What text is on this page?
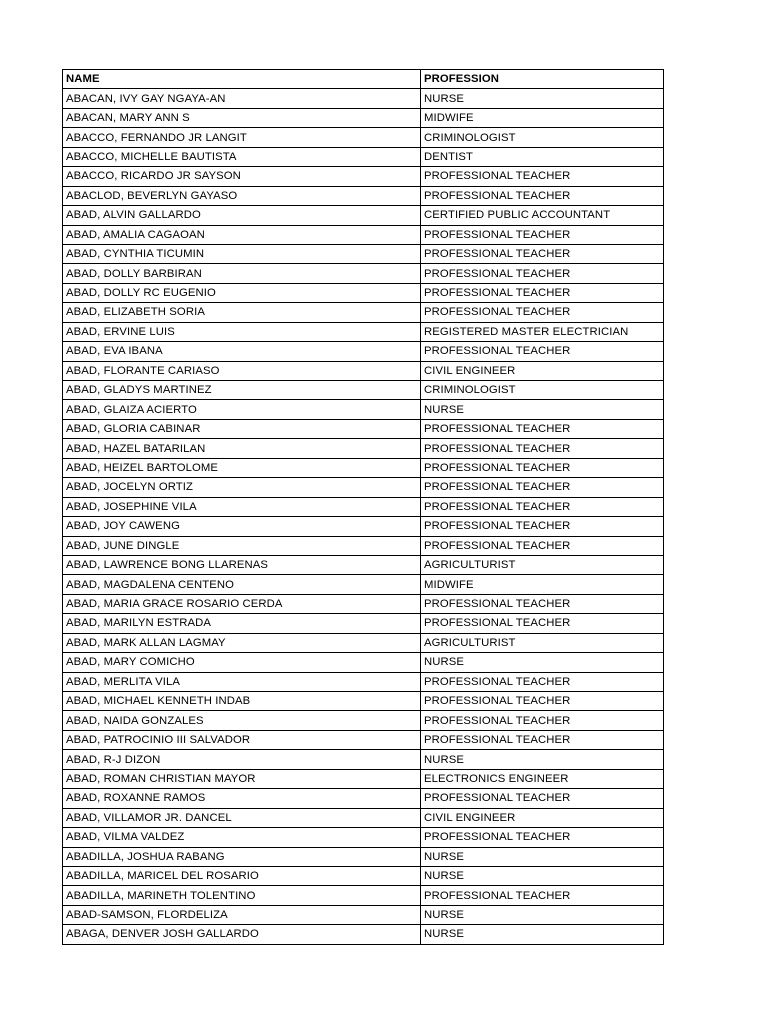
NAME	PROFESSION
ABACAN, IVY GAY NGAYA-AN	NURSE
ABACAN, MARY ANN S	MIDWIFE
ABACCO, FERNANDO JR LANGIT	CRIMINOLOGIST
ABACCO, MICHELLE BAUTISTA	DENTIST
ABACCO, RICARDO JR SAYSON	PROFESSIONAL TEACHER
ABACLOD, BEVERLYN GAYASO	PROFESSIONAL TEACHER
ABAD, ALVIN GALLARDO	CERTIFIED PUBLIC ACCOUNTANT
ABAD, AMALIA CAGAOAN	PROFESSIONAL TEACHER
ABAD, CYNTHIA TICUMIN	PROFESSIONAL TEACHER
ABAD, DOLLY BARBIRAN	PROFESSIONAL TEACHER
ABAD, DOLLY RC EUGENIO	PROFESSIONAL TEACHER
ABAD, ELIZABETH SORIA	PROFESSIONAL TEACHER
ABAD, ERVINE LUIS	REGISTERED MASTER ELECTRICIAN
ABAD, EVA IBANA	PROFESSIONAL TEACHER
ABAD, FLORANTE CARIASO	CIVIL ENGINEER
ABAD, GLADYS MARTINEZ	CRIMINOLOGIST
ABAD, GLAIZA ACIERTO	NURSE
ABAD, GLORIA CABINAR	PROFESSIONAL TEACHER
ABAD, HAZEL BATARILAN	PROFESSIONAL TEACHER
ABAD, HEIZEL BARTOLOME	PROFESSIONAL TEACHER
ABAD, JOCELYN ORTIZ	PROFESSIONAL TEACHER
ABAD, JOSEPHINE VILA	PROFESSIONAL TEACHER
ABAD, JOY CAWENG	PROFESSIONAL TEACHER
ABAD, JUNE DINGLE	PROFESSIONAL TEACHER
ABAD, LAWRENCE BONG LLARENAS	AGRICULTURIST
ABAD, MAGDALENA CENTENO	MIDWIFE
ABAD, MARIA GRACE ROSARIO CERDA	PROFESSIONAL TEACHER
ABAD, MARILYN ESTRADA	PROFESSIONAL TEACHER
ABAD, MARK ALLAN LAGMAY	AGRICULTURIST
ABAD, MARY COMICHO	NURSE
ABAD, MERLITA VILA	PROFESSIONAL TEACHER
ABAD, MICHAEL KENNETH INDAB	PROFESSIONAL TEACHER
ABAD, NAIDA GONZALES	PROFESSIONAL TEACHER
ABAD, PATROCINIO III SALVADOR	PROFESSIONAL TEACHER
ABAD, R-J DIZON	NURSE
ABAD, ROMAN CHRISTIAN MAYOR	ELECTRONICS ENGINEER
ABAD, ROXANNE RAMOS	PROFESSIONAL TEACHER
ABAD, VILLAMOR JR. DANCEL	CIVIL ENGINEER
ABAD, VILMA VALDEZ	PROFESSIONAL TEACHER
ABADILLA, JOSHUA RABANG	NURSE
ABADILLA, MARICEL DEL ROSARIO	NURSE
ABADILLA, MARINETH TOLENTINO	PROFESSIONAL TEACHER
ABAD-SAMSON, FLORDELIZA	NURSE
ABAGA, DENVER JOSH GALLARDO	NURSE
